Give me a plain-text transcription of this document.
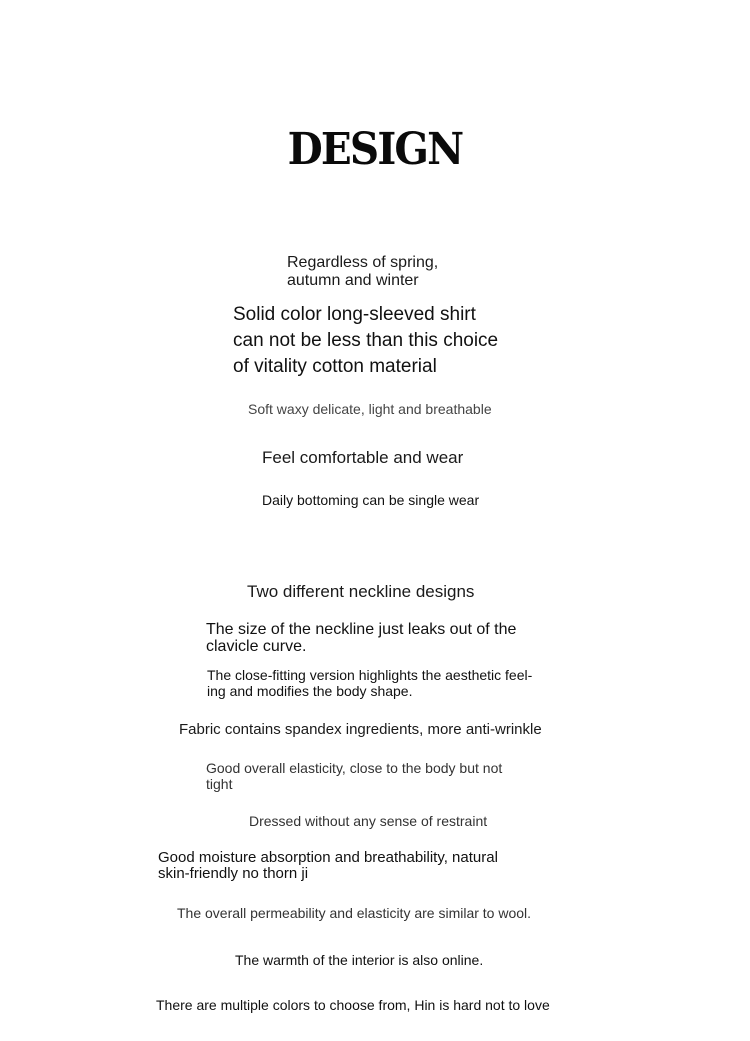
DESIGN
Regardless of spring,
autumn and winter
Solid color long-sleeved shirt
can not be less than this choice
of vitality cotton material
Soft waxy delicate, light and breathable
Feel comfortable and wear
Daily bottoming can be single wear
Two different neckline designs
The size of the neckline just leaks out of the
clavicle curve.
The close-fitting version highlights the aesthetic feel-
ing and modifies the body shape.
Fabric contains spandex ingredients, more anti-wrinkle
Good overall elasticity, close to the body but not
tight
Dressed without any sense of restraint
Good moisture absorption and breathability, natural
skin-friendly no thorn ji
The overall permeability and elasticity are similar to wool.
The warmth of the interior is also online.
There are multiple colors to choose from, Hin is hard not to love
